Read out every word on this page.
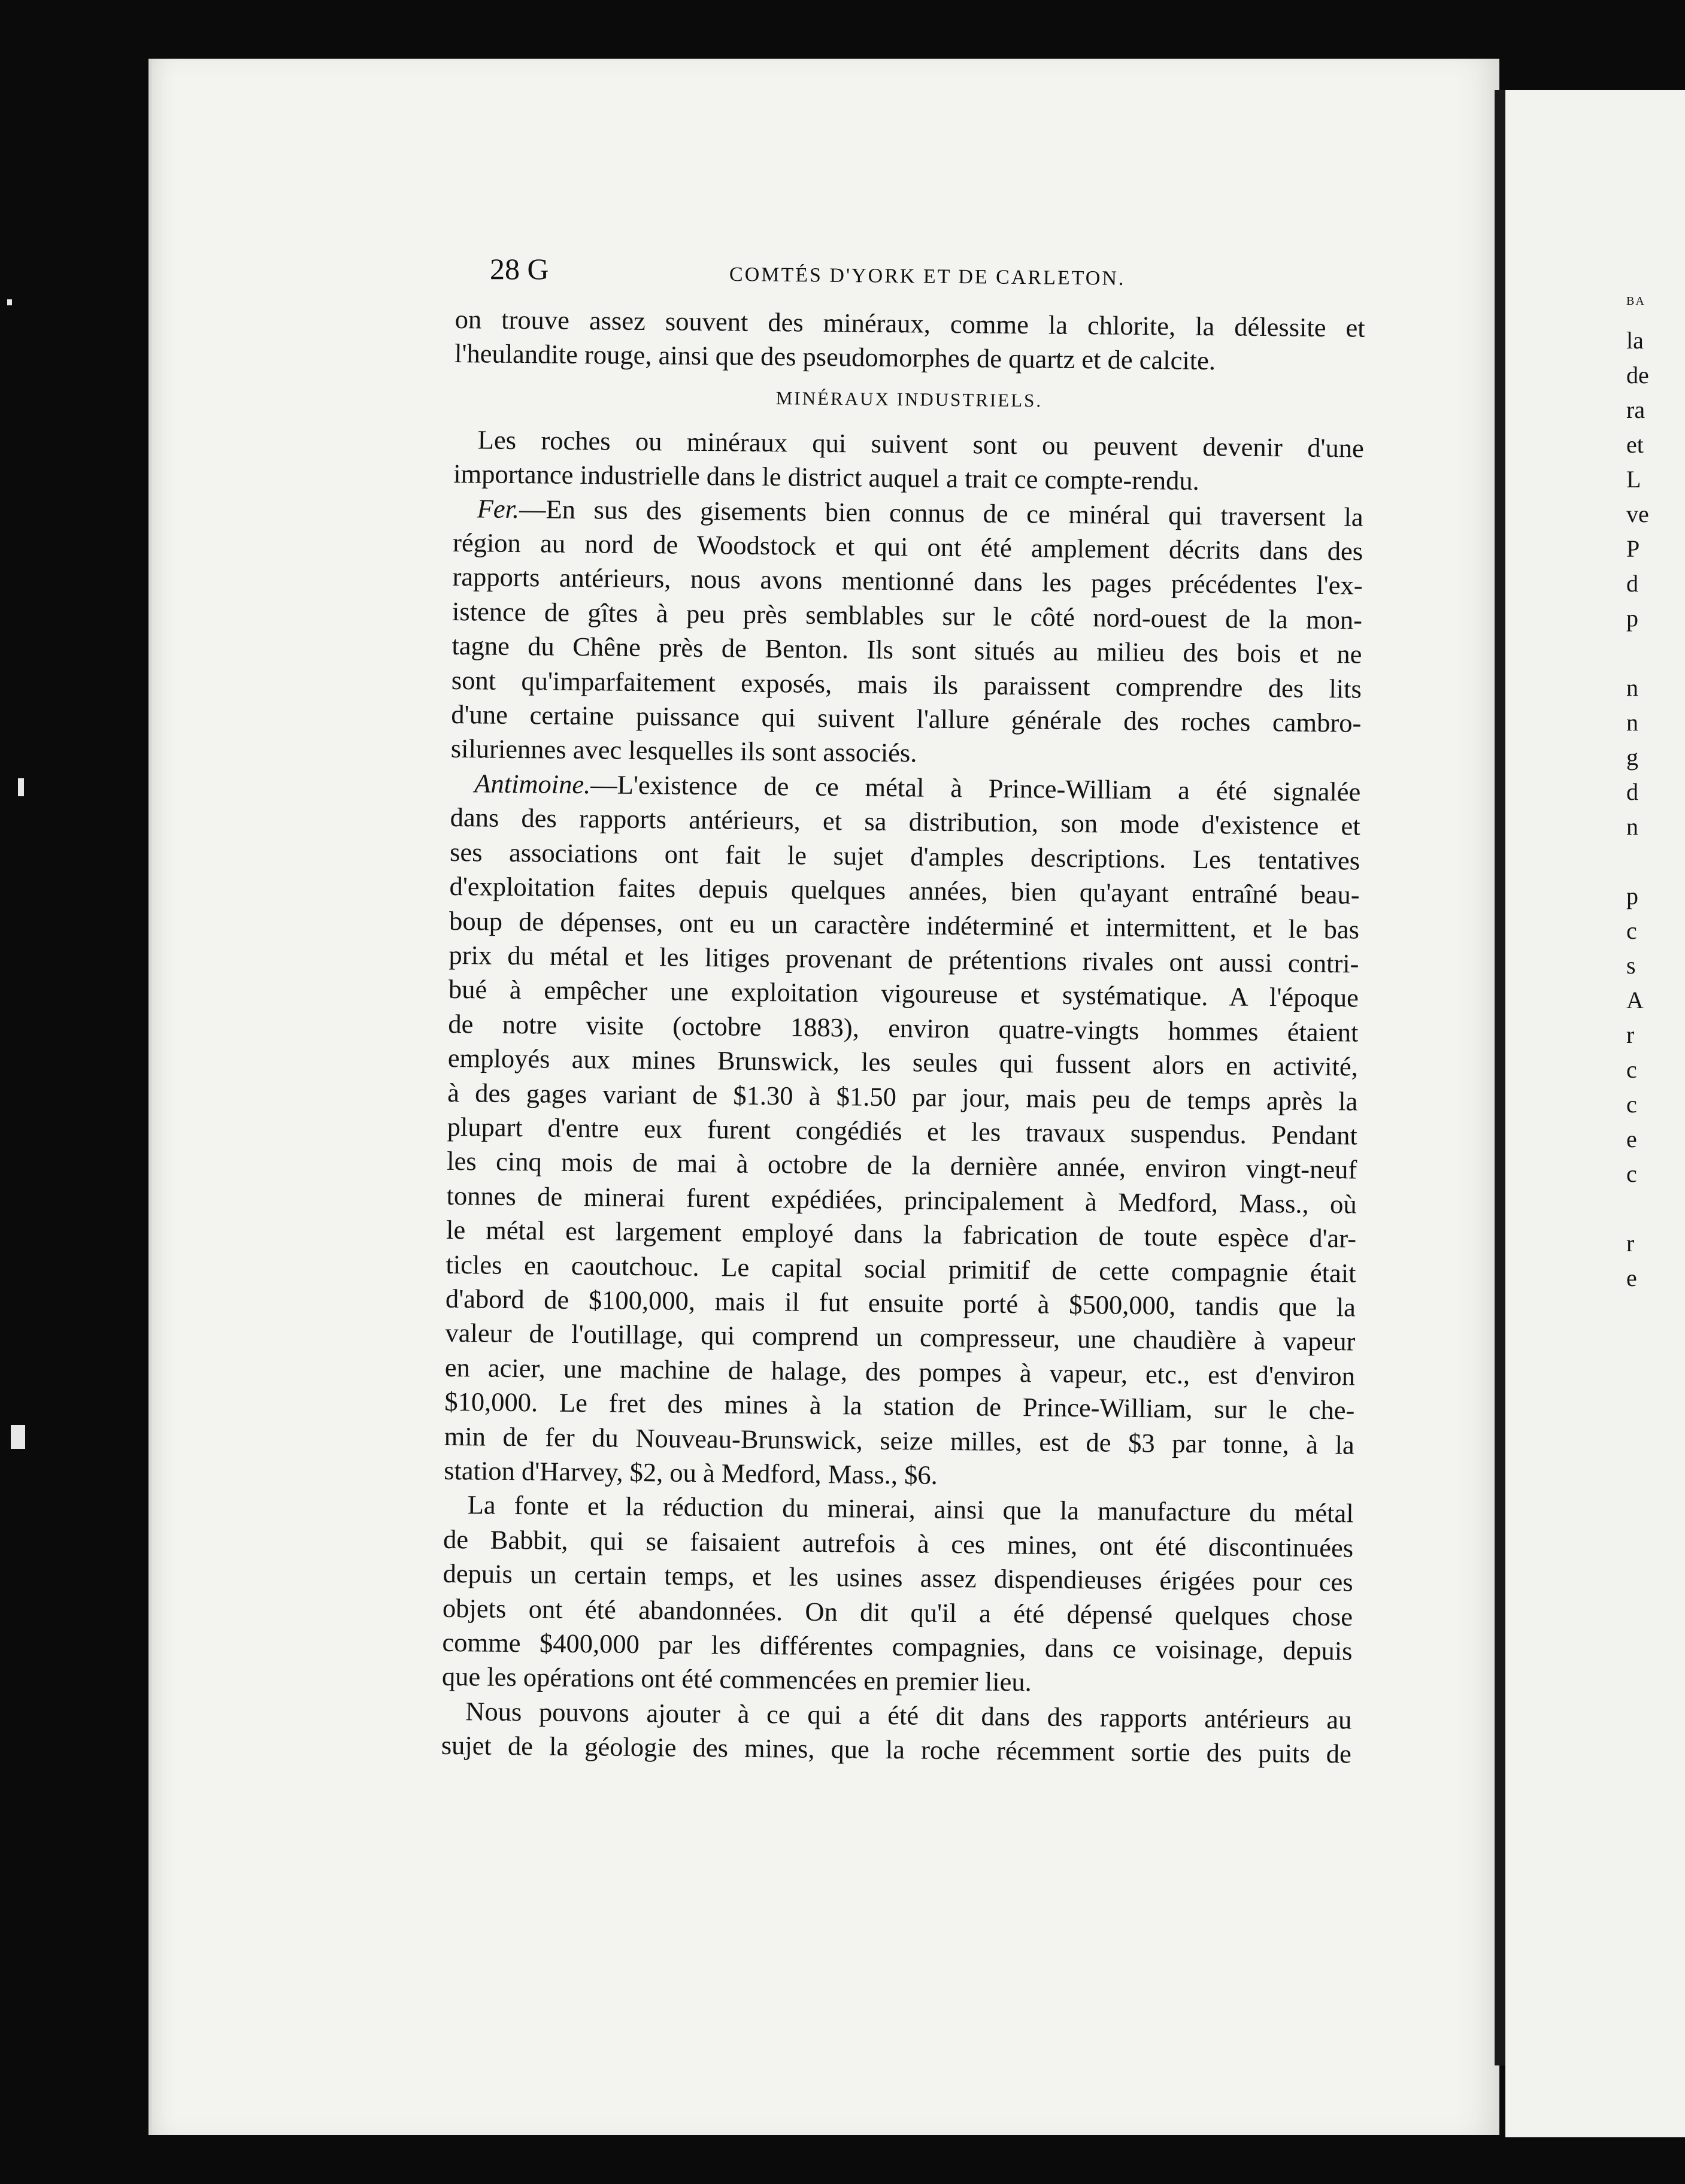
28 G	COMTÉS D'YORK ET DE CARLETON.

on trouve assez souvent des minéraux, comme la chlorite, la délessite et

l'heulandite rouge, ainsi que des pseudomorphes de quartz et de calcite.

MINÉRAUX INDUSTRIELS.

Les roches ou minéraux qui suivent sont ou peuvent devenir d'une

importance industrielle dans le district auquel a trait ce compte-rendu.

Fer.—En sus des gisements bien connus de ce minéral qui traversent la

région au nord de Woodstock et qui ont été amplement décrits dans des

rapports antérieurs, nous avons mentionné dans les pages précédentes l'ex-

istence de gîtes à peu près semblables sur le côté nord-ouest de la mon-

tagne du Chêne près de Benton. Ils sont situés au milieu des bois et ne

sont qu'imparfaitement exposés, mais ils paraissent comprendre des lits

d'une certaine puissance qui suivent l'allure générale des roches cambro-

siluriennes avec lesquelles ils sont associés.

Antimoine.—L'existence de ce métal à Prince-William a été signalée

dans des rapports antérieurs, et sa distribution, son mode d'existence et

ses associations ont fait le sujet d'amples descriptions. Les tentatives

d'exploitation faites depuis quelques années, bien qu'ayant entraîné beau-

boup de dépenses, ont eu un caractère indéterminé et intermittent, et le bas

prix du métal et les litiges provenant de prétentions rivales ont aussi contri-

bué à empêcher une exploitation vigoureuse et systématique. A l'époque

de notre visite (octobre 1883), environ quatre-vingts hommes étaient

employés aux mines Brunswick, les seules qui fussent alors en activité,

à des gages variant de $1.30 à $1.50 par jour, mais peu de temps après la

plupart d'entre eux furent congédiés et les travaux suspendus. Pendant

les cinq mois de mai à octobre de la dernière année, environ vingt-neuf

tonnes de minerai furent expédiées, principalement à Medford, Mass., où

le métal est largement employé dans la fabrication de toute espèce d'ar-

ticles en caoutchouc. Le capital social primitif de cette compagnie était

d'abord de $100,000, mais il fut ensuite porté à $500,000, tandis que la

valeur de l'outillage, qui comprend un compresseur, une chaudière à vapeur

en acier, une machine de halage, des pompes à vapeur, etc., est d'environ

$10,000. Le fret des mines à la station de Prince-William, sur le che-

min de fer du Nouveau-Brunswick, seize milles, est de $3 par tonne, à la

station d'Harvey, $2, ou à Medford, Mass., $6.

La fonte et la réduction du minerai, ainsi que la manufacture du métal

de Babbit, qui se faisaient autrefois à ces mines, ont été discontinuées

depuis un certain temps, et les usines assez dispendieuses érigées pour ces

objets ont été abandonnées. On dit qu'il a été dépensé quelques chose

comme $400,000 par les différentes compagnies, dans ce voisinage, depuis

que les opérations ont été commencées en premier lieu.

Nous pouvons ajouter à ce qui a été dit dans des rapports antérieurs au

sujet de la géologie des mines, que la roche récemment sortie des puits de

BA

la
de
ra
et
L
ve
P
d
p
n
n
g
d
n
p
c
s
A
r
c
c
e
c
r
e
